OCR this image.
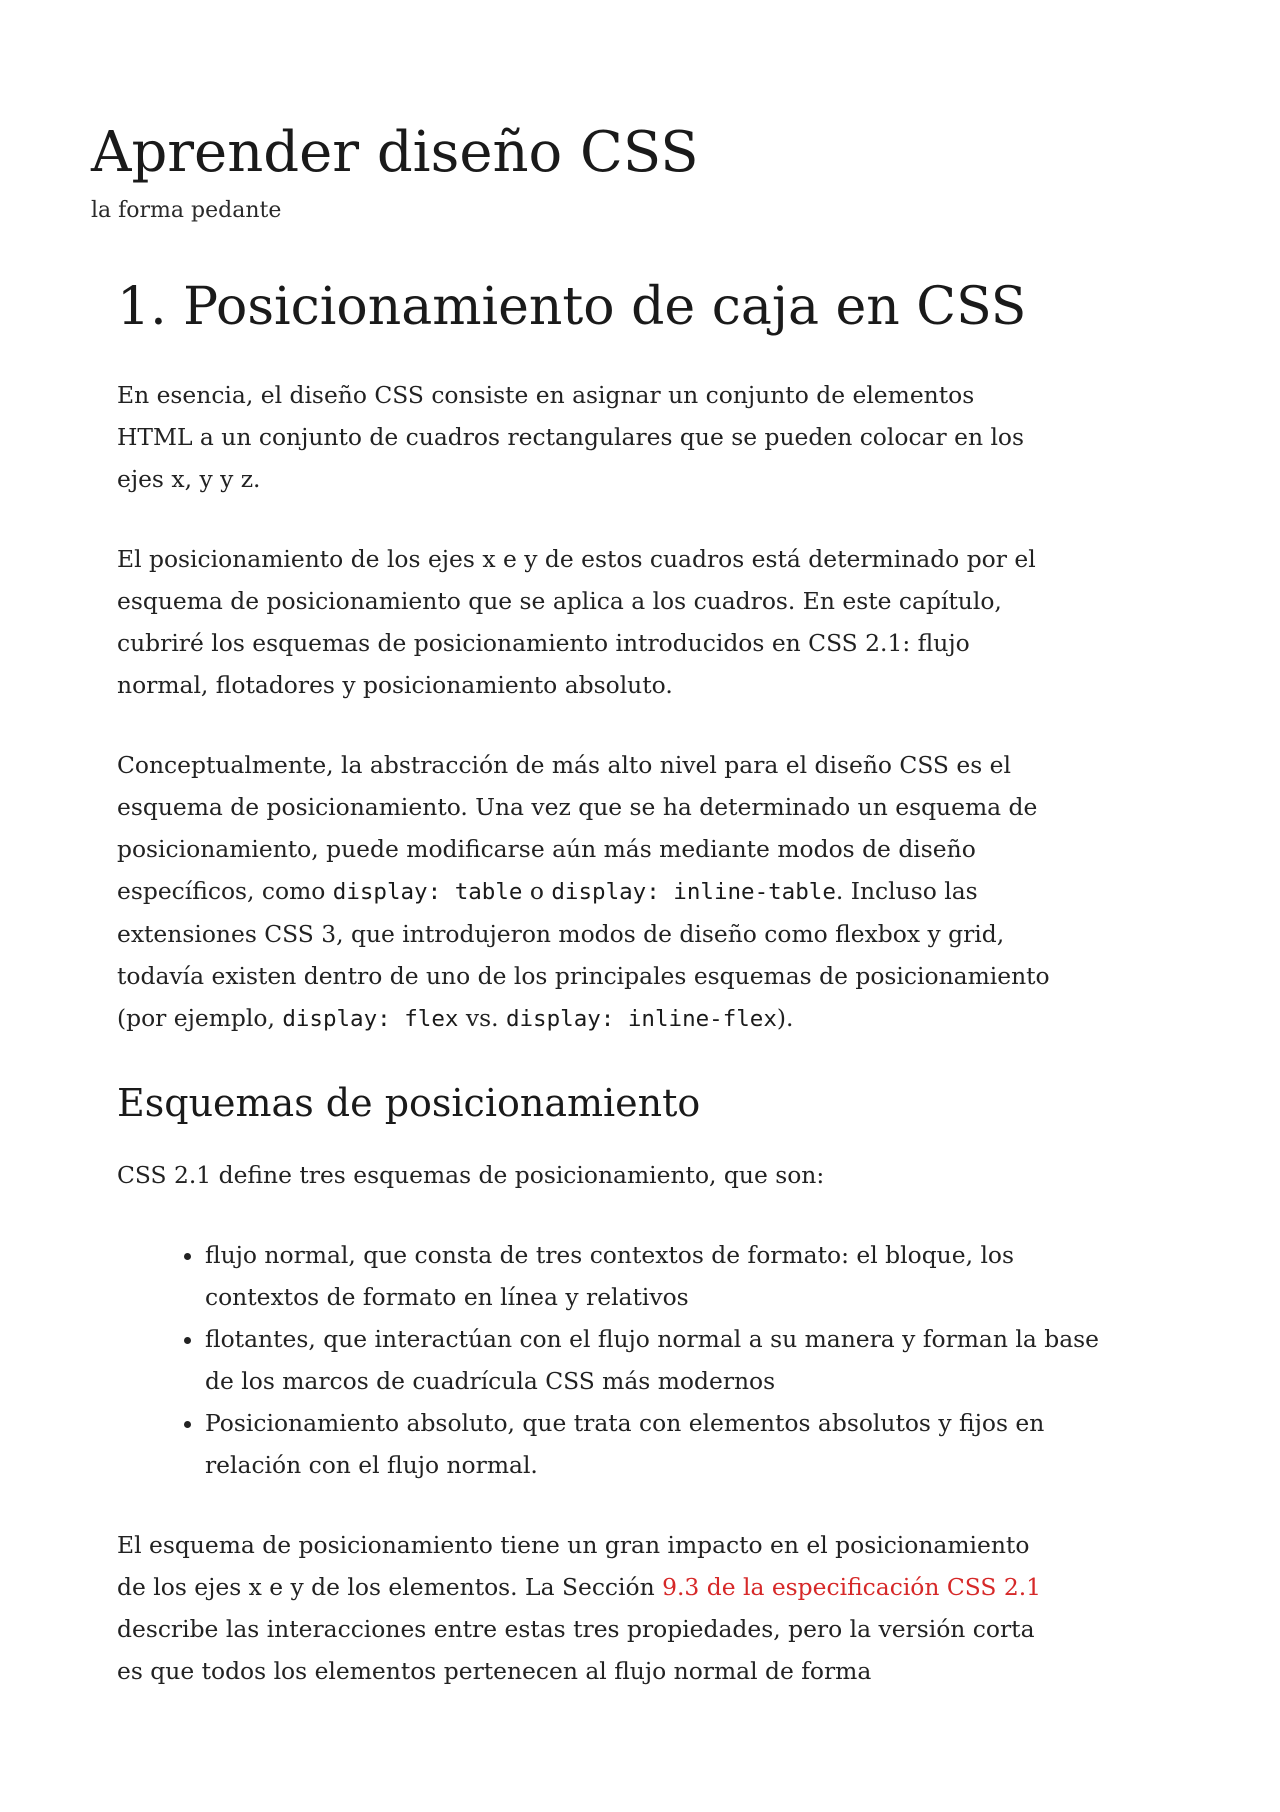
Aprender diseño CSS

la forma pedante

1. Posicionamiento de caja en CSS

En esencia, el diseño CSS consiste en asignar un conjunto de elementos HTML a un conjunto de cuadros rectangulares que se pueden colocar en los ejes x, y y z.

El posicionamiento de los ejes x e y de estos cuadros está determinado por el esquema de posicionamiento que se aplica a los cuadros. En este capítulo, cubriré los esquemas de posicionamiento introducidos en CSS 2.1: flujo normal, flotadores y posicionamiento absoluto.

Conceptualmente, la abstracción de más alto nivel para el diseño CSS es el esquema de posicionamiento. Una vez que se ha determinado un esquema de posicionamiento, puede modificarse aún más mediante modos de diseño específicos, como display: table o display: inline-table. Incluso las extensiones CSS 3, que introdujeron modos de diseño como flexbox y grid, todavía existen dentro de uno de los principales esquemas de posicionamiento (por ejemplo, display: flex vs. display: inline-flex).

Esquemas de posicionamiento

CSS 2.1 define tres esquemas de posicionamiento, que son:

• flujo normal, que consta de tres contextos de formato: el bloque, los contextos de formato en línea y relativos
• flotantes, que interactúan con el flujo normal a su manera y forman la base de los marcos de cuadrícula CSS más modernos
• Posicionamiento absoluto, que trata con elementos absolutos y fijos en relación con el flujo normal.

El esquema de posicionamiento tiene un gran impacto en el posicionamiento de los ejes x e y de los elementos. La Sección 9.3 de la especificación CSS 2.1 describe las interacciones entre estas tres propiedades, pero la versión corta es que todos los elementos pertenecen al flujo normal de forma
